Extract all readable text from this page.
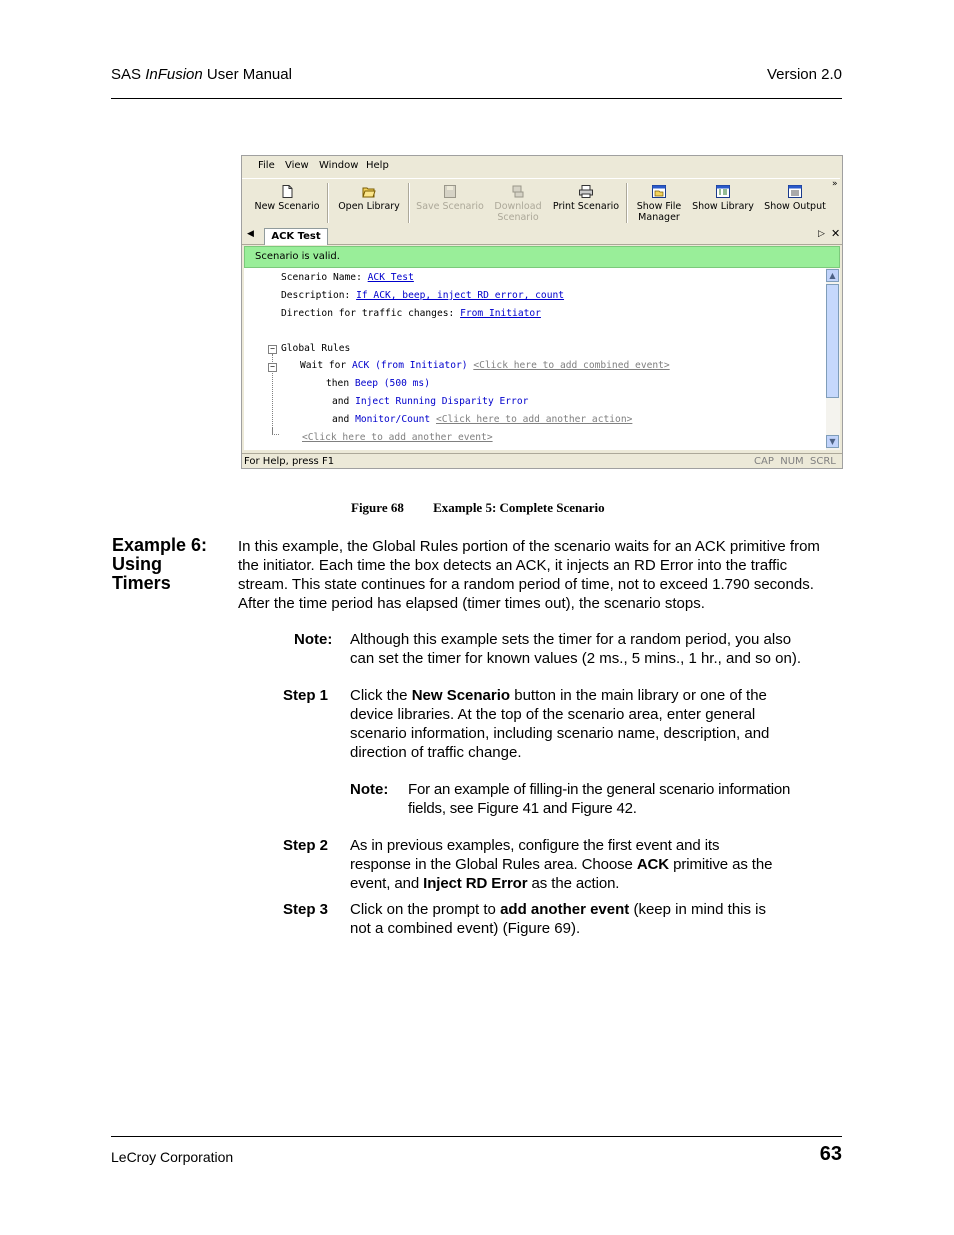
SAS InFusion User Manual	Version 2.0
File View Window Help
New Scenario	Open Library	Save Scenario	Download
Scenario
Print Scenario	Show File
Manager
Show Library Show Output
»
◀	ACK Test	▷ ✕
Scenario is valid.
Scenario Name: ACK Test
Description: If ACK, beep, inject RD error, count
Direction for traffic changes: From Initiator
− Global Rules
−	Wait for ACK (from Initiator) <Click here to add combined event>
then Beep (500 ms)
and Inject Running Disparity Error
and Monitor/Count <Click here to add another action>
<Click here to add another event>
▲
▼
For Help, press F1	CAP  NUM  SCRL
Figure 68 Example 5: Complete Scenario
Example 6:
Using
Timers
In this example, the Global Rules portion of the scenario waits for an ACK primitive from
the initiator. Each time the box detects an ACK, it injects an RD Error into the traffic
stream. This state continues for a random period of time, not to exceed 1.790 seconds.
After the time period has elapsed (timer times out), the scenario stops.
Note: Although this example sets the timer for a random period, you also
can set the timer for known values (2 ms., 5 mins., 1 hr., and so on).
Step 1 Click the New Scenario button in the main library or one of the
device libraries. At the top of the scenario area, enter general
scenario information, including scenario name, description, and
direction of traffic change.
Note: For an example of filling-in the general scenario information
fields, see Figure 41 and Figure 42.
Step 2 As in previous examples, configure the first event and its
response in the Global Rules area. Choose ACK primitive as the
event, and Inject RD Error as the action.
Step 3 Click on the prompt to add another event (keep in mind this is
not a combined event) (Figure 69).
LeCroy Corporation	63
